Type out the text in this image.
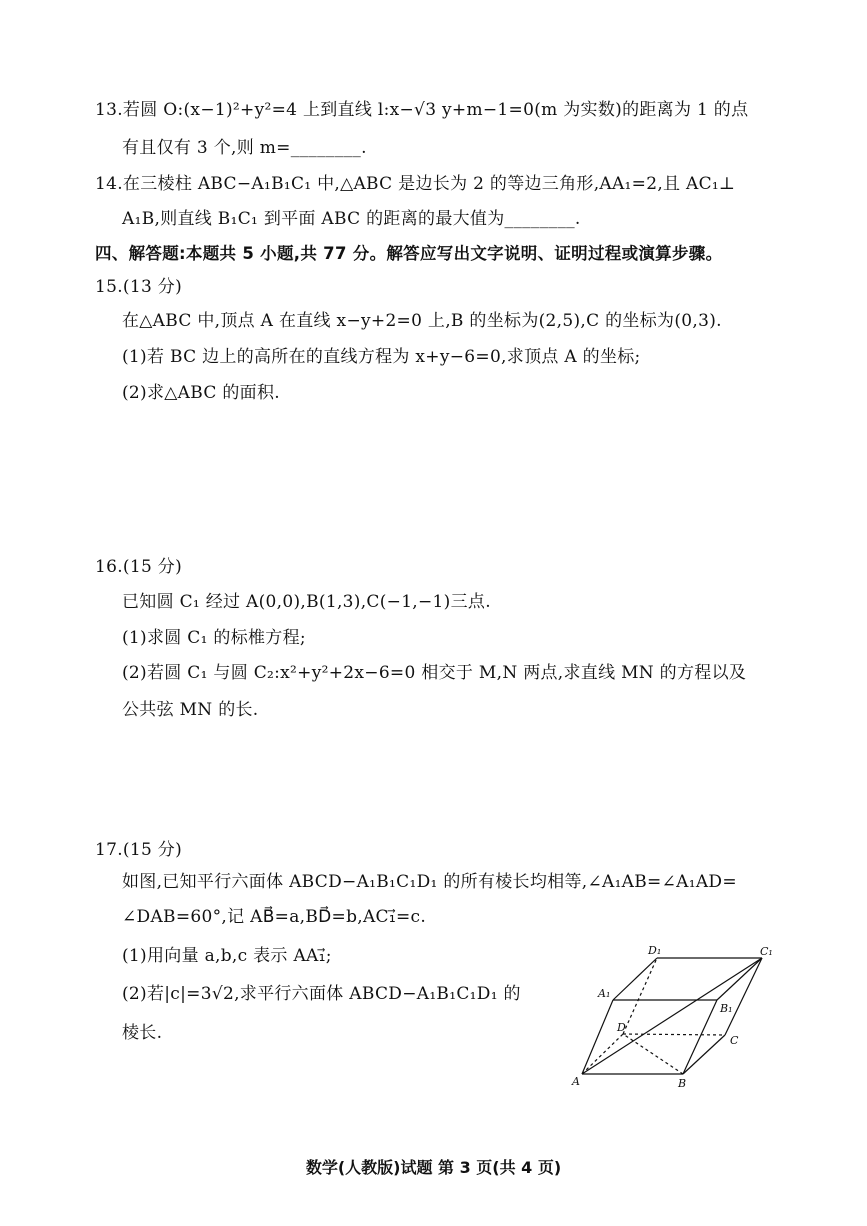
13.若圆 O:(x−1)²+y²=4 上到直线 l:x−√3 y+m−1=0(m 为实数)的距离为 1 的点
有且仅有 3 个,则 m=________.
14.在三棱柱 ABC−A₁B₁C₁ 中,△ABC 是边长为 2 的等边三角形,AA₁=2,且 AC₁⊥
A₁B,则直线 B₁C₁ 到平面 ABC 的距离的最大值为________.
四、解答题:本题共 5 小题,共 77 分。解答应写出文字说明、证明过程或演算步骤。
15.(13 分)
在△ABC 中,顶点 A 在直线 x−y+2=0 上,B 的坐标为(2,5),C 的坐标为(0,3).
(1)若 BC 边上的高所在的直线方程为 x+y−6=0,求顶点 A 的坐标;
(2)求△ABC 的面积.
16.(15 分)
已知圆 C₁ 经过 A(0,0),B(1,3),C(−1,−1)三点.
(1)求圆 C₁ 的标椎方程;
(2)若圆 C₁ 与圆 C₂:x²+y²+2x−6=0 相交于 M,N 两点,求直线 MN 的方程以及
公共弦 MN 的长.
17.(15 分)
如图,已知平行六面体 ABCD−A₁B₁C₁D₁ 的所有棱长均相等,∠A₁AB=∠A₁AD=
∠DAB=60°,记 AB⃗=a,BD⃗=b,AC₁⃗=c.
(1)用向量 a,b,c 表示 AA₁⃗;
(2)若|c|=3√2,求平行六面体 ABCD−A₁B₁C₁D₁ 的
棱长.
A	B
C
D
A₁
B₁
C₁
D₁
数学(人教版)试题 第 3 页(共 4 页)
